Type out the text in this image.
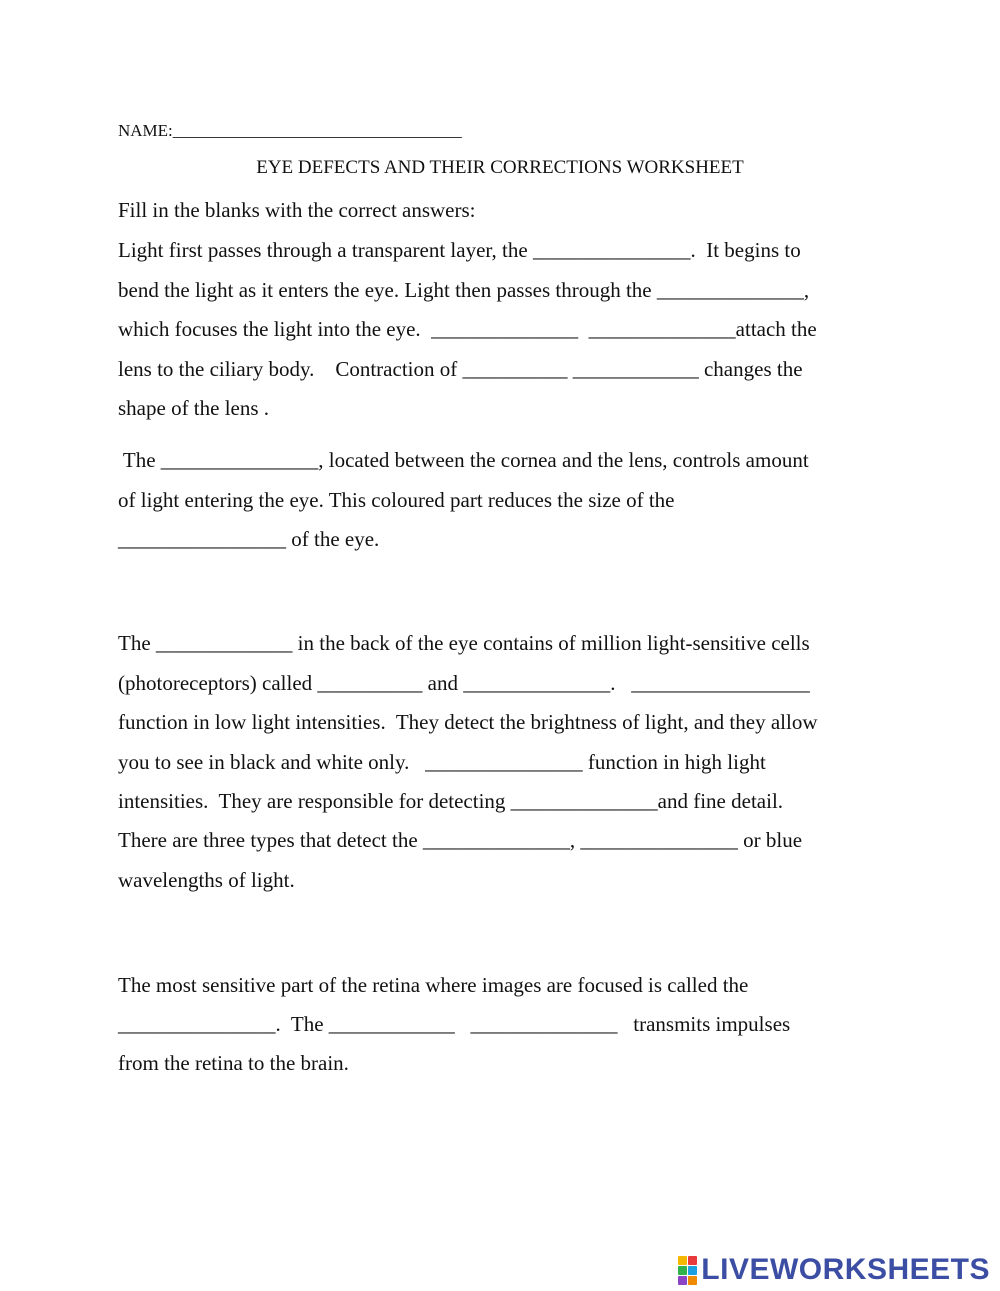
NAME:__________________________________
EYE DEFECTS AND THEIR CORRECTIONS WORKSHEET
Fill in the blanks with the correct answers:
Light first passes through a transparent layer, the _______________.  It begins to
bend the light as it enters the eye. Light then passes through the ______________,
which focuses the light into the eye.  ______________  ______________attach the
lens to the ciliary body.    Contraction of __________ ____________ changes the
shape of the lens .
The _______________, located between the cornea and the lens, controls amount
of light entering the eye. This coloured part reduces the size of the
________________ of the eye.
The _____________ in the back of the eye contains of million light-sensitive cells
(photoreceptors) called __________ and ______________.   _________________
function in low light intensities.  They detect the brightness of light, and they allow
you to see in black and white only.   _______________ function in high light
intensities.  They are responsible for detecting ______________and fine detail.
There are three types that detect the ______________, _______________ or blue
wavelengths of light.
The most sensitive part of the retina where images are focused is called the
_______________.  The ____________   ______________   transmits impulses
from the retina to the brain.
LIVEWORKSHEETS
